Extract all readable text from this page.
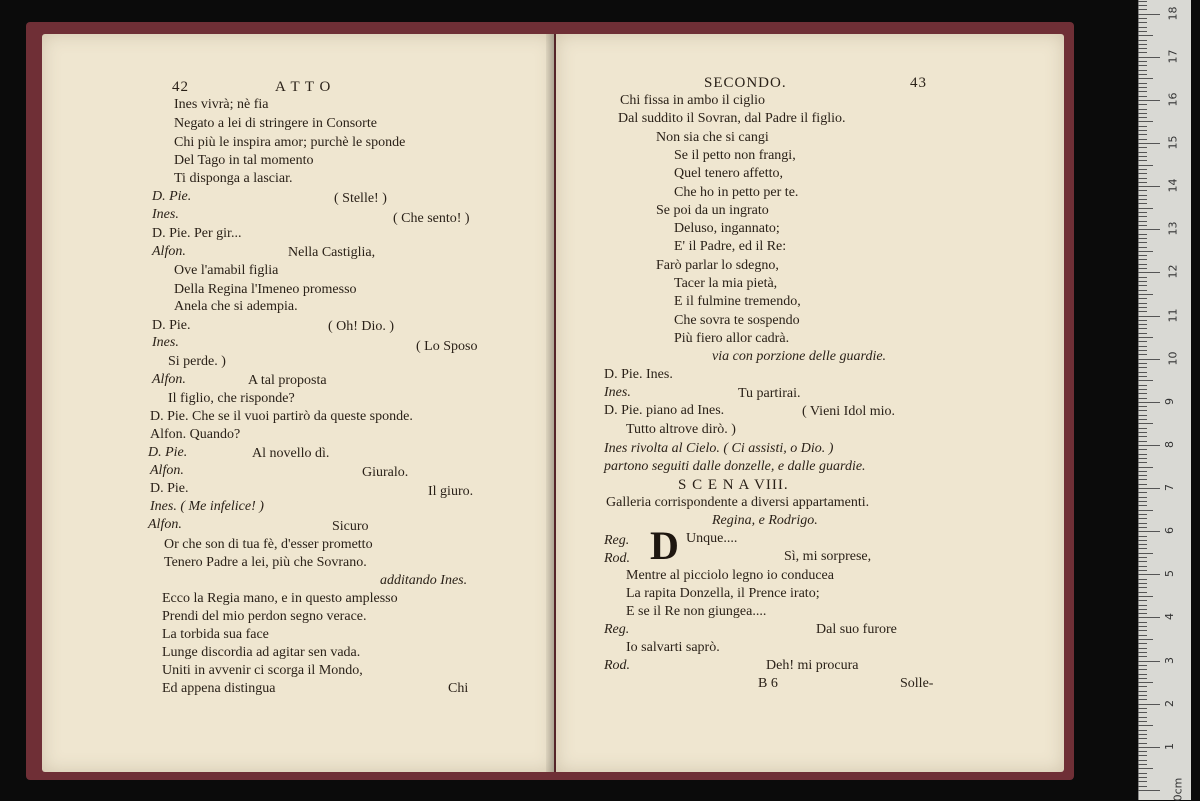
42	A T T O
Ines vivrà; nè fia
Negato a lei di stringere in Consorte
Chi più le inspira amor; purchè le sponde
Del Tago in tal momento
Ti disponga a lasciar.
D. Pie.	( Stelle! )
Ines.	( Che sento! )
D. Pie. Per gir...
Alfon.	Nella Castiglia,
Ove l'amabil figlia
Della Regina l'Imeneo promesso
Anela che si adempia.
D. Pie.	( Oh! Dio. )
Ines.	( Lo Sposo
Si perde. )
Alfon.	A tal proposta
Il figlio, che risponde?
D. Pie. Che se il vuoi partirò da queste sponde.
Alfon. Quando?
D. Pie.	Al novello dì.
Alfon.	Giuralo.
D. Pie.	Il giuro.
Ines. ( Me infelice! )
Alfon.	Sicuro
Or che son di tua fè, d'esser prometto
Tenero Padre a lei, più che Sovrano.
additando Ines.
Ecco la Regia mano, e in questo amplesso
Prendi del mio perdon segno verace.
La torbida sua face
Lunge discordia ad agitar sen vada.
Uniti in avvenir ci scorga il Mondo,
Ed appena distingua	Chi
SECONDO.	43
Chi fissa in ambo il ciglio
Dal suddito il Sovran, dal Padre il figlio.
Non sia che si cangi
Se il petto non frangi,
Quel tenero affetto,
Che ho in petto per te.
Se poi da un ingrato
Deluso, ingannato;
E' il Padre, ed il Re:
Farò parlar lo sdegno,
Tacer la mia pietà,
E il fulmine tremendo,
Che sovra te sospendo
Più fiero allor cadrà.
via con porzione delle guardie.
D. Pie. Ines.
Ines.	Tu partirai.
D. Pie. piano ad Ines.	( Vieni Idol mio.
Tutto altrove dirò. )
Ines rivolta al Cielo. ( Ci assisti, o Dio. )
partono seguiti dalle donzelle, e dalle guardie.
S C E N A VIII.
Galleria corrispondente a diversi appartamenti.
Regina, e Rodrigo.
Reg. D Unque....
Rod.	Sì, mi sorprese,
Mentre al picciolo legno io conducea
La rapita Donzella, il Prence irato;
E se il Re non giungea....
Reg.	Dal suo furore
Io salvarti saprò.
Rod.	Deh! mi procura
B 6	Solle-
0cm
1
2
3
4
5
6
7
8
9
10
11
12
13
14
15
16
17
18
